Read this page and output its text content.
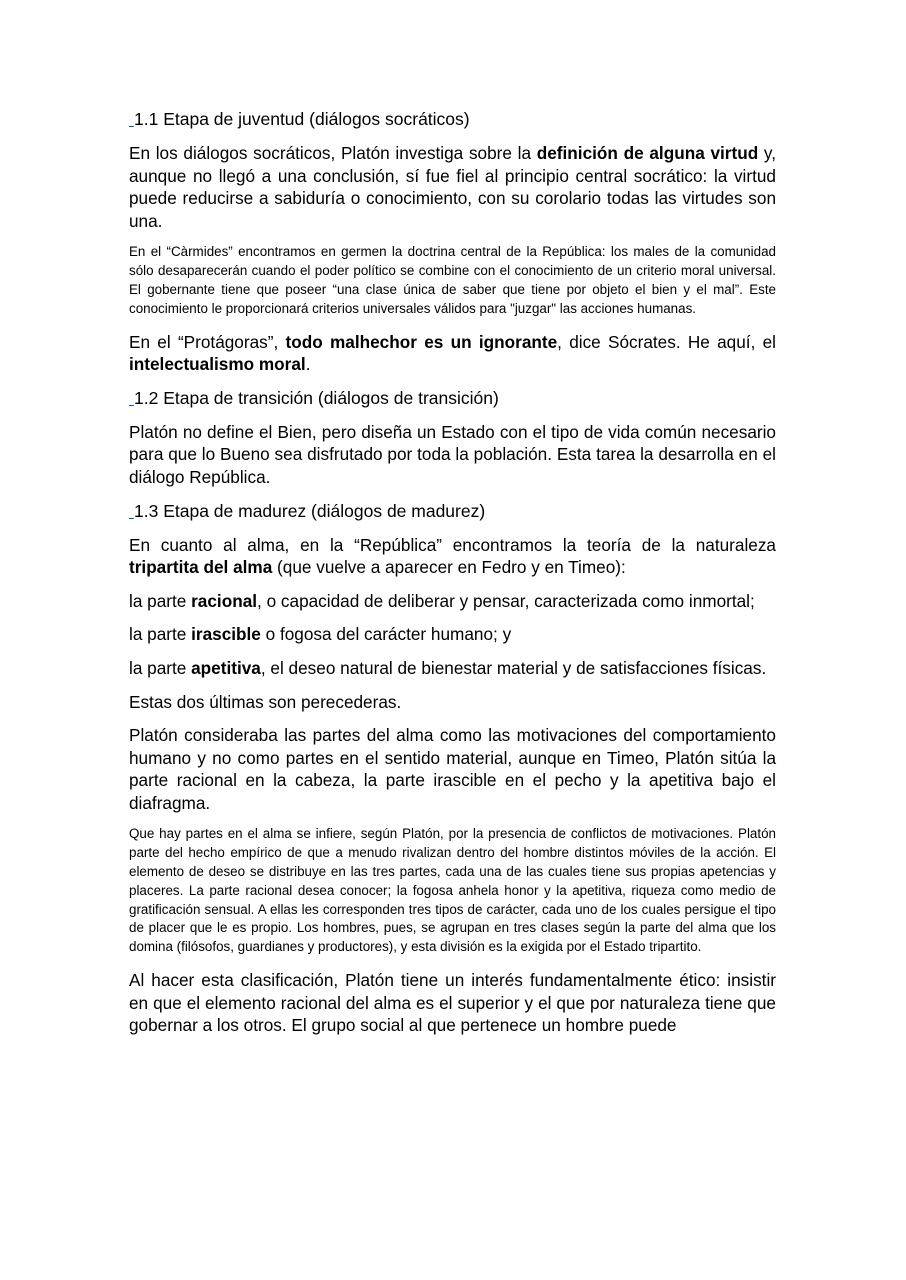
1.1 Etapa de juventud (diálogos socráticos)

En los diálogos socráticos, Platón investiga sobre la definición de alguna virtud y, aunque no llegó a una conclusión, sí fue fiel al principio central socrático: la virtud puede reducirse a sabiduría o conocimiento, con su corolario todas las virtudes son una.

En el “Càrmides” encontramos en germen la doctrina central de la República: los males de la comunidad sólo desaparecerán cuando el poder político se combine con el conocimiento de un criterio moral universal. El gobernante tiene que poseer “una clase única de saber que tiene por objeto el bien y el mal”. Este conocimiento le proporcionará criterios universales válidos para "juzgar" las acciones humanas.

En el “Protágoras”, todo malhechor es un ignorante, dice Sócrates. He aquí, el intelectualismo moral.

1.2 Etapa de transición (diálogos de transición)

Platón no define el Bien, pero diseña un Estado con el tipo de vida común necesario para que lo Bueno sea disfrutado por toda la población. Esta tarea la desarrolla en el diálogo República.

1.3 Etapa de madurez (diálogos de madurez)

En cuanto al alma, en la “República” encontramos la teoría de la naturaleza tripartita del alma (que vuelve a aparecer en Fedro y en Timeo):

la parte racional, o capacidad de deliberar y pensar, caracterizada como inmortal;

la parte irascible o fogosa del carácter humano; y

la parte apetitiva, el deseo natural de bienestar material y de satisfacciones físicas.

Estas dos últimas son perecederas.

Platón consideraba las partes del alma como las motivaciones del comportamiento humano y no como partes en el sentido material, aunque en Timeo, Platón sitúa la parte racional en la cabeza, la parte irascible en el pecho y la apetitiva bajo el diafragma.

Que hay partes en el alma se infiere, según Platón, por la presencia de conflictos de motivaciones. Platón parte del hecho empírico de que a menudo rivalizan dentro del hombre distintos móviles de la acción. El elemento de deseo se distribuye en las tres partes, cada una de las cuales tiene sus propias apetencias y placeres. La parte racional desea conocer; la fogosa anhela honor y la apetitiva, riqueza como medio de gratificación sensual. A ellas les corresponden tres tipos de carácter, cada uno de los cuales persigue el tipo de placer que le es propio. Los hombres, pues, se agrupan en tres clases según la parte del alma que los domina (filósofos, guardianes y productores), y esta división es la exigida por el Estado tripartito.

Al hacer esta clasificación, Platón tiene un interés fundamentalmente ético: insistir en que el elemento racional del alma es el superior y el que por naturaleza tiene que gobernar a los otros. El grupo social al que pertenece un hombre puede
